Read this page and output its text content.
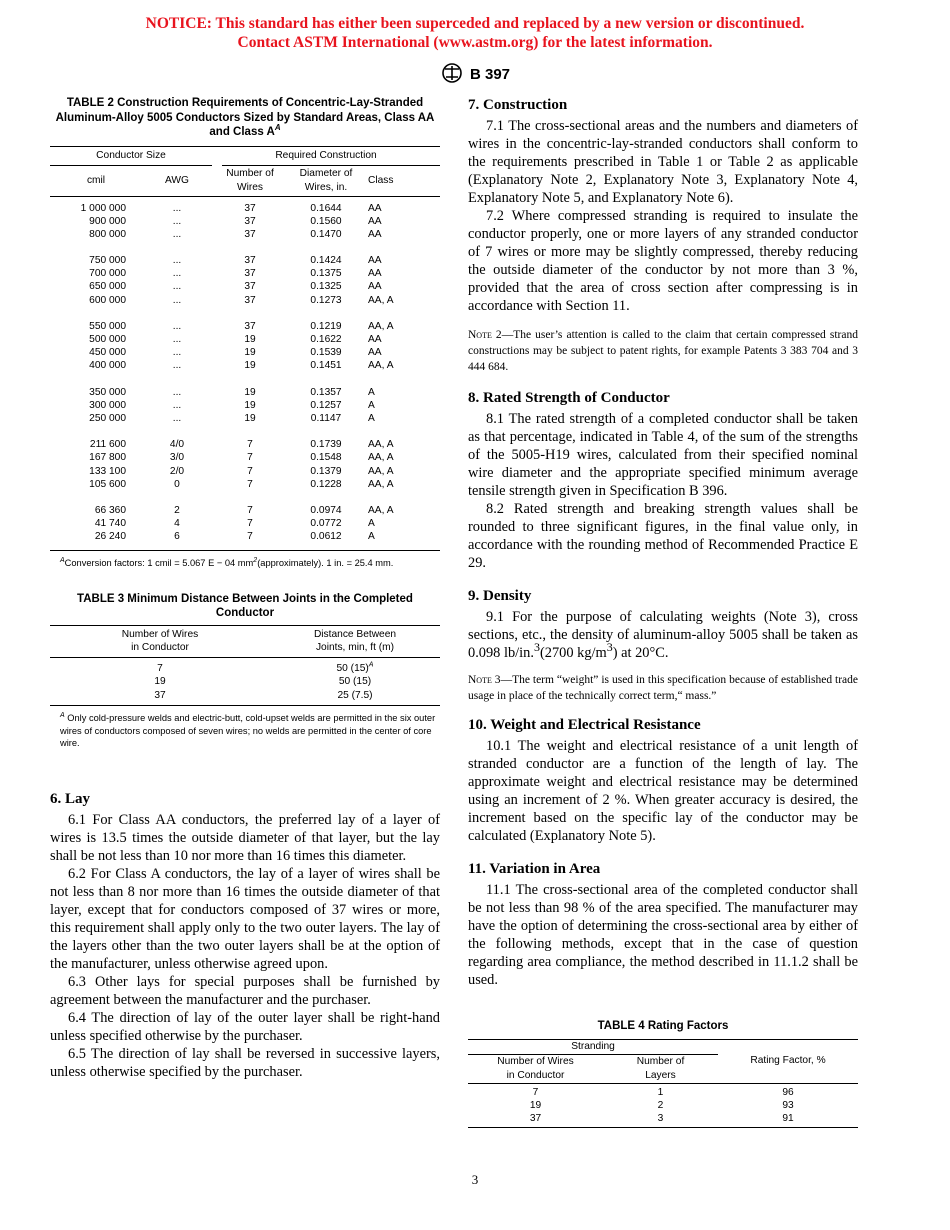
NOTICE: This standard has either been superceded and replaced by a new version or discontinued.
Contact ASTM International (www.astm.org) for the latest information.
B 397
TABLE 2 Construction Requirements of Concentric-Lay-Stranded Aluminum-Alloy 5005 Conductors Sized by Standard Areas, Class AA and Class $A^A$
Conductor Size	Required Construction
cmil	AWG
Number of Wires
Diameter of Wires, in.
Class
1 000 000	...	37	0.1644	AA
900 000	...	37	0.1560	AA
800 000	...	37	0.1470	AA
750 000	...	37	0.1424	AA
700 000	...	37	0.1375	AA
650 000	...	37	0.1325	AA
600 000	...	37	0.1273	AA, A
550 000	...	37	0.1219	AA, A
500 000	...	19	0.1622	AA
450 000	...	19	0.1539	AA
400 000	...	19	0.1451	AA, A
350 000	...	19	0.1357	A
300 000	...	19	0.1257	A
250 000	...	19	0.1147	A
211 600	4/0	7	0.1739	AA, A
167 800	3/0	7	0.1548	AA, A
133 100	2/0	7	0.1379	AA, A
105 600	0	7	0.1228	AA, A
66 360	2	7	0.0974	AA, A
41 740	4	7	0.0772	A
26 240	6	7	0.0612	A
$^A$Conversion factors: 1 cmil = 5.067 E − 04 $mm^2(approximately)$. 1 in. = 25.4 mm.
TABLE 3 Minimum Distance Between Joints in the Completed Conductor
Number of Wires
in Conductor
Distance Between
Joints, min, ft (m)
7	50 $(15)^A$
19	50 (15)
37	25 (7.5)
$^A$ Only cold-pressure welds and electric-butt, cold-upset welds are permitted in the six outer wires of conductors composed of seven wires; no welds are permitted in the center of core wire.
6. Lay

6.1 For Class AA conductors, the preferred lay of a layer of wires is 13.5 times the outside diameter of that layer, but the lay shall be not less than 10 nor more than 16 times this diameter.

6.2 For Class A conductors, the lay of a layer of wires shall be not less than 8 nor more than 16 times the outside diameter of that layer, except that for conductors composed of 37 wires or more, this requirement shall apply only to the two outer layers. The lay of the layers other than the two outer layers shall be at the option of the manufacturer, unless otherwise agreed upon.

6.3 Other lays for special purposes shall be furnished by agreement between the manufacturer and the purchaser.

6.4 The direction of lay of the outer layer shall be right-hand unless specified otherwise by the purchaser.

6.5 The direction of lay shall be reversed in successive layers, unless otherwise specified by the purchaser.

7. Construction

7.1 The cross-sectional areas and the numbers and diameters of wires in the concentric-lay-stranded conductors shall conform to the requirements prescribed in Table 1 or Table 2 as applicable (Explanatory Note 2, Explanatory Note 3, Explanatory Note 4, Explanatory Note 5, and Explanatory Note 6).

7.2 Where compressed stranding is required to insulate the conductor properly, one or more layers of any stranded conductor of 7 wires or more may be slightly compressed, thereby reducing the outside diameter of the conductor by not more than 3 %, provided that the area of cross section after compressing is in accordance with Section 11.

Note 2—The user’s attention is called to the claim that certain compressed strand constructions may be subject to patent rights, for example Patents 3 383 704 and 3 444 684.

8. Rated Strength of Conductor

8.1 The rated strength of a completed conductor shall be taken as that percentage, indicated in Table 4, of the sum of the strengths of the 5005-H19 wires, calculated from their specified nominal wire diameter and the appropriate specified minimum average tensile strength given in Specification B 396.

8.2 Rated strength and breaking strength values shall be rounded to three significant figures, in the final value only, in accordance with the rounding method of Recommended Practice E 29.

9. Density

9.1 For the purpose of calculating weights (Note 3), cross sections, etc., the density of aluminum-alloy 5005 shall be taken as 0.098 lb/in.$^3$(2700 $kg/m^3$) at 20°C.

Note 3—The term “weight” is used in this specification because of established trade usage in place of the technically correct term,“ mass.”

10. Weight and Electrical Resistance

10.1 The weight and electrical resistance of a unit length of stranded conductor are a function of the length of lay. The approximate weight and electrical resistance may be determined using an increment of 2 %. When greater accuracy is desired, the increment based on the specific lay of the conductor may be calculated (Explanatory Note 5).

11. Variation in Area

11.1 The cross-sectional area of the completed conductor shall be not less than 98 % of the area specified. The manufacturer may have the option of determining the cross-sectional area by either of the following methods, except that in the case of question regarding area compliance, the method described in 11.1.2 shall be used.

TABLE 4 Rating Factors
Stranding
Number of Wires
in Conductor
Number of
Layers
Rating Factor, %
7	1	96
19	2	93
37	3	91
3
